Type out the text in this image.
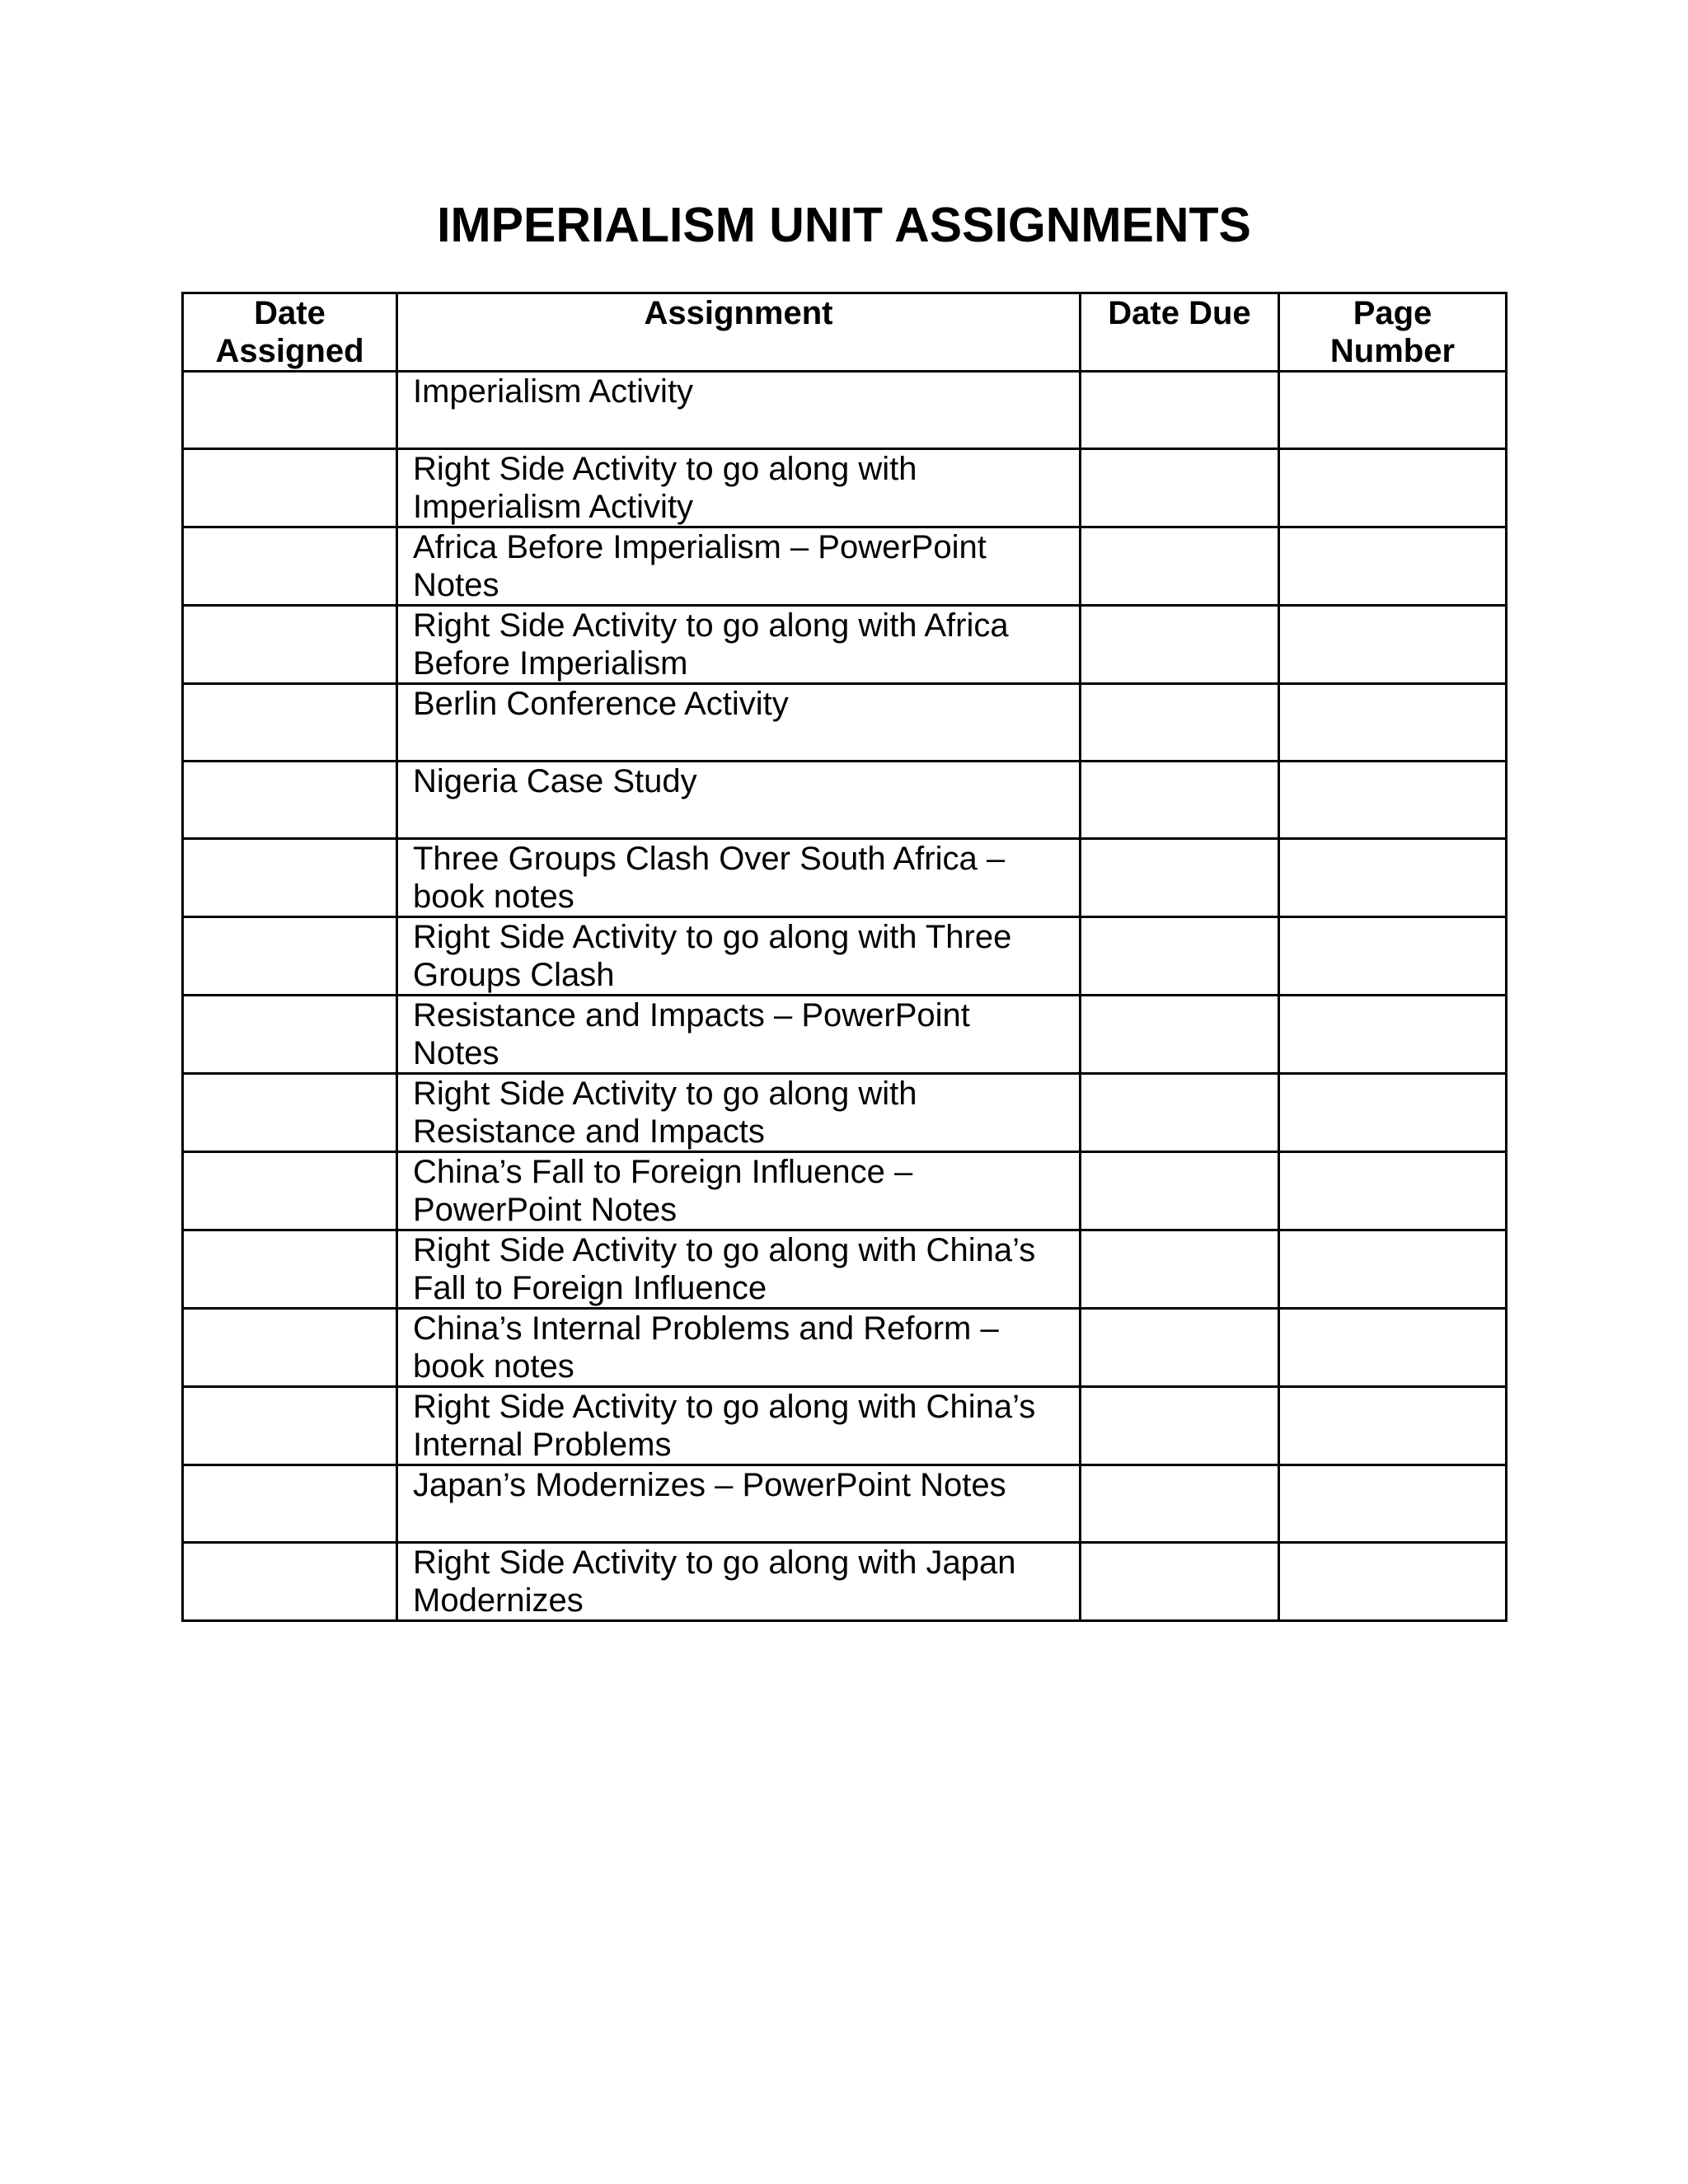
IMPERIALISM UNIT ASSIGNMENTS
Date Assigned	Assignment	Date Due	Page Number
	Imperialism Activity		
	Right Side Activity to go along with Imperialism Activity		
	Africa Before Imperialism – PowerPoint Notes		
	Right Side Activity to go along with Africa Before Imperialism		
	Berlin Conference Activity		
	Nigeria Case Study		
	Three Groups Clash Over South Africa – book notes		
	Right Side Activity to go along with Three Groups Clash		
	Resistance and Impacts – PowerPoint Notes		
	Right Side Activity to go along with Resistance and Impacts		
	China’s Fall to Foreign Influence – PowerPoint Notes		
	Right Side Activity to go along with China’s Fall to Foreign Influence		
	China’s Internal Problems and Reform – book notes		
	Right Side Activity to go along with China’s Internal Problems		
	Japan’s Modernizes – PowerPoint Notes		
	Right Side Activity to go along with Japan Modernizes		
